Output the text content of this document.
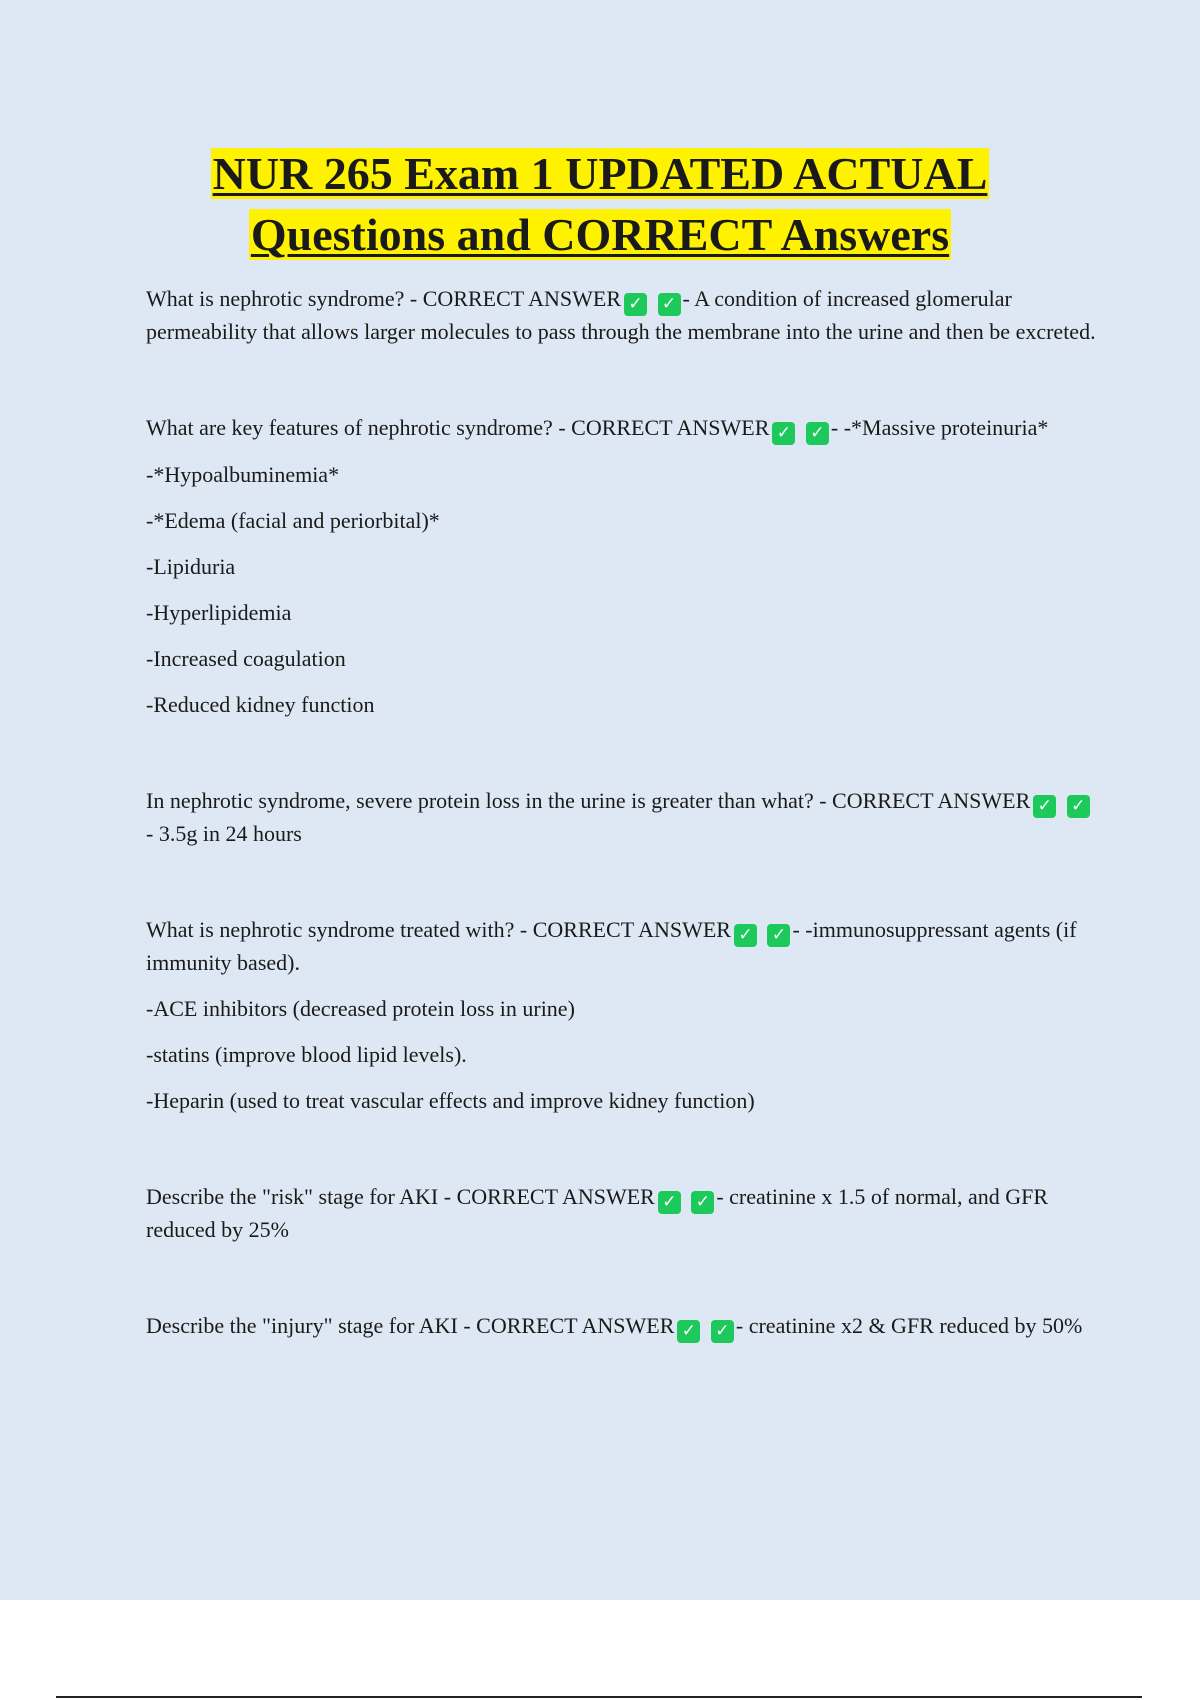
NUR 265 Exam 1 UPDATED ACTUAL
Questions and CORRECT Answers

What is nephrotic syndrome? - CORRECT ANSWER ✓ ✓ - A condition of increased glomerular permeability that allows larger molecules to pass through the membrane into the urine and then be excreted.

What are key features of nephrotic syndrome? - CORRECT ANSWER ✓ ✓ - -*Massive proteinuria*

-*Hypoalbuminemia*

-*Edema (facial and periorbital)*

-Lipiduria

-Hyperlipidemia

-Increased coagulation

-Reduced kidney function

In nephrotic syndrome, severe protein loss in the urine is greater than what? - CORRECT ANSWER ✓ ✓- 3.5g in 24 hours

What is nephrotic syndrome treated with? - CORRECT ANSWER ✓ ✓ - -immunosuppressant agents (if immunity based).

-ACE inhibitors (decreased protein loss in urine)

-statins (improve blood lipid levels).

-Heparin (used to treat vascular effects and improve kidney function)

Describe the "risk" stage for AKI - CORRECT ANSWER ✓ ✓ - creatinine x 1.5 of normal, and GFR reduced by 25%

Describe the "injury" stage for AKI - CORRECT ANSWER ✓ ✓ - creatinine x2 & GFR reduced by 50%
